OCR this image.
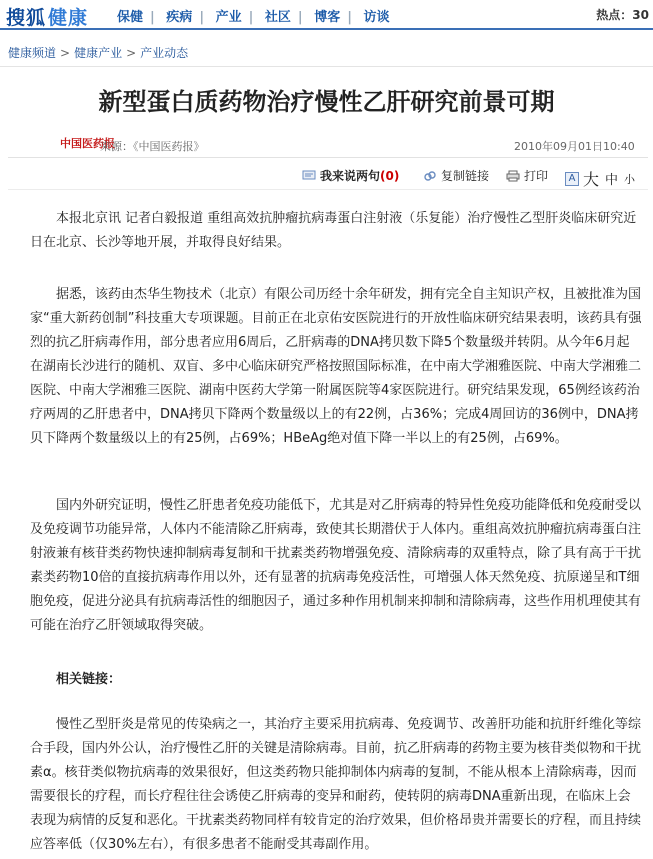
搜狐 健康	保健 | 疾病 | 产业 | 社区 | 博客 | 访谈	热点：30
健康频道 > 健康产业 > 产业动态
新型蛋白质药物治疗慢性乙肝研究前景可期
中国医药报
来源：《中国医药报》	2010年09月01日10:40
我来说两句 (0)	复制链接	打印	A 大 中 小

本报北京讯 记者白毅报道 重组高效抗肿瘤抗病毒蛋白注射液（乐复能）治疗慢性乙型肝炎临床研究近日在北京、长沙等地开展，并取得良好结果。

据悉，该药由杰华生物技术（北京）有限公司历经十余年研发，拥有完全自主知识产权，且被批准为国家“重大新药创制”科技重大专项课题。目前正在北京佑安医院进行的开放性临床研究结果表明，该药具有强烈的抗乙肝病毒作用，部分患者应用6周后，乙肝病毒的DNA拷贝数下降5个数量级并转阴。从今年6月起在湖南长沙进行的随机、双盲、多中心临床研究严格按照国际标准，在中南大学湘雅医院、中南大学湘雅二医院、中南大学湘雅三医院、湖南中医药大学第一附属医院等4家医院进行。研究结果发现，65例经该药治疗两周的乙肝患者中，DNA拷贝下降两个数量级以上的有22例，占36%；完成4周回访的36例中，DNA拷贝下降两个数量级以上的有25例，占69%；HBeAg绝对值下降一半以上的有25例，占69%。

国内外研究证明，慢性乙肝患者免疫功能低下，尤其是对乙肝病毒的特异性免疫功能降低和免疫耐受以及免疫调节功能异常，人体内不能清除乙肝病毒，致使其长期潜伏于人体内。重组高效抗肿瘤抗病毒蛋白注射液兼有核苷类药物快速抑制病毒复制和干扰素类药物增强免疫、清除病毒的双重特点，除了具有高于干扰素类药物10倍的直接抗病毒作用以外，还有显著的抗病毒免疫活性，可增强人体天然免疫、抗原递呈和T细胞免疫，促进分泌具有抗病毒活性的细胞因子，通过多种作用机制来抑制和清除病毒，这些作用机理使其有可能在治疗乙肝领域取得突破。

相关链接：

慢性乙型肝炎是常见的传染病之一，其治疗主要采用抗病毒、免疫调节、改善肝功能和抗肝纤维化等综合手段，国内外公认，治疗慢性乙肝的关键是清除病毒。目前，抗乙肝病毒的药物主要为核苷类似物和干扰素α。核苷类似物抗病毒的效果很好，但这类药物只能抑制体内病毒的复制，不能从根本上清除病毒，因而需要很长的疗程，而长疗程往往会诱使乙肝病毒的变异和耐药，使转阴的病毒DNA重新出现，在临床上会表现为病情的反复和恶化。干扰素类药物同样有较肯定的治疗效果，但价格昂贵并需要长的疗程，而且持续应答率低（仅30%左右），有很多患者不能耐受其毒副作用。
